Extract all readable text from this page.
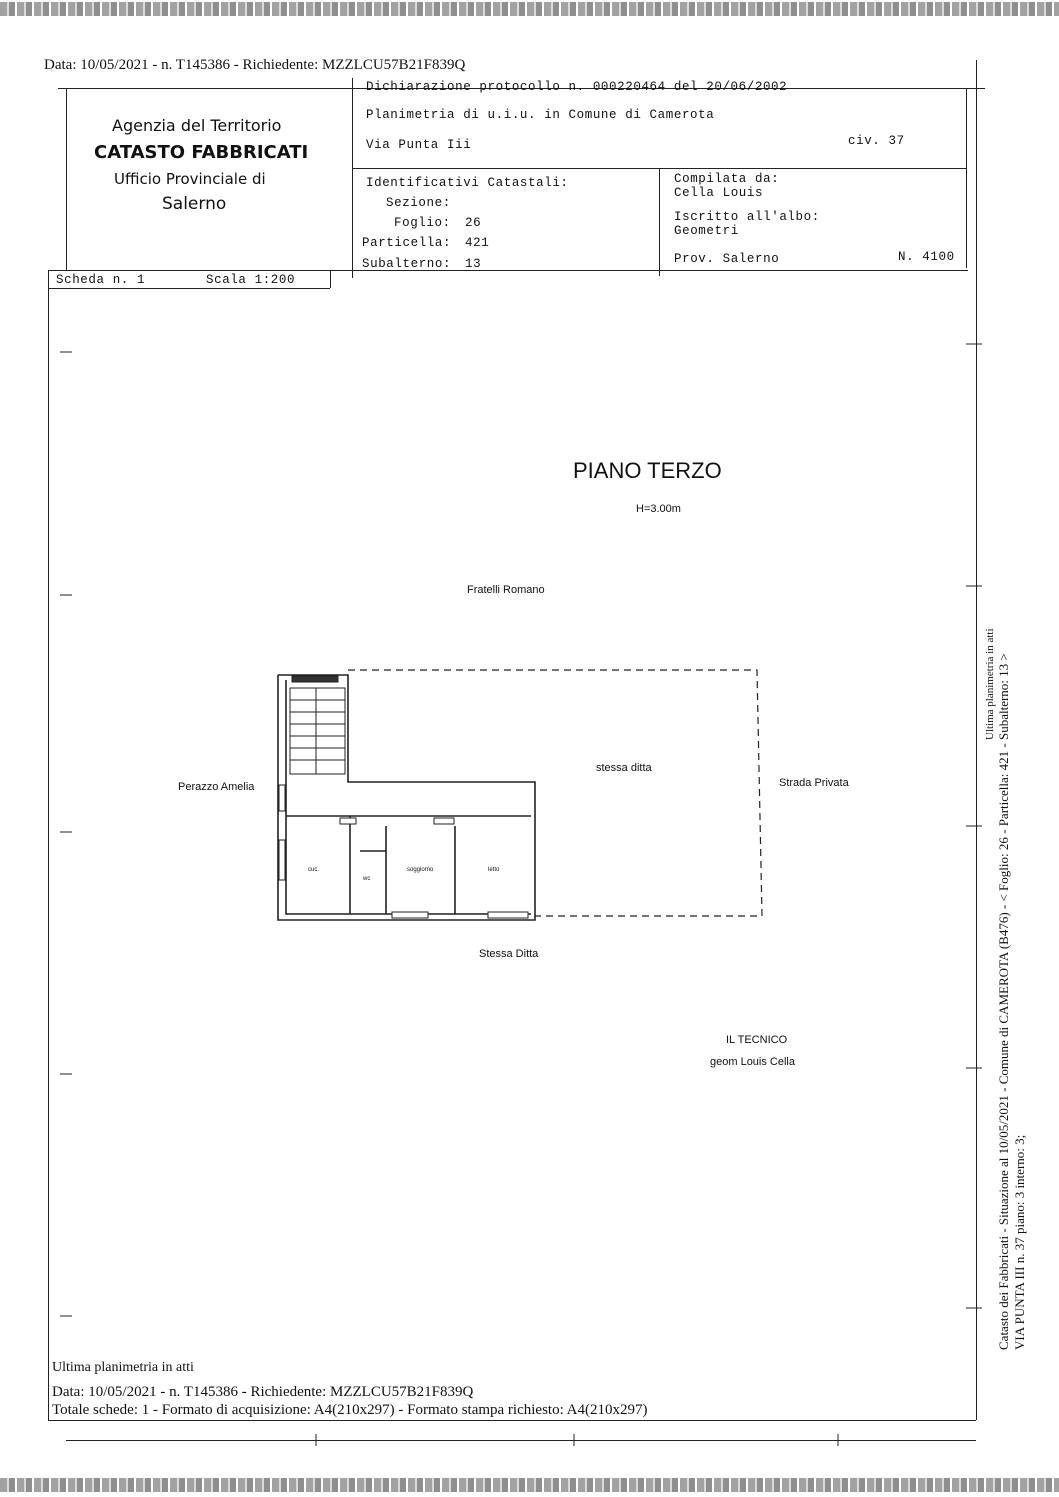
Data: 10/05/2021 - n. T145386 - Richiedente: MZZLCU57B21F839Q
Agenzia del Territorio
CATASTO FABBRICATI
Ufficio Provinciale di
Salerno
Dichiarazione protocollo n. 000220464 del 20/06/2002
Planimetria di u.i.u. in Comune di Camerota
Via Punta Iii	civ. 37
Identificativi Catastali:
Sezione:
Foglio: 26
Particella: 421
Subalterno: 13
Compilata da:
Cella Louis
Iscritto all'albo:
Geometri
Prov. Salerno	N. 4100
Scheda n. 1	Scala 1:200
PIANO TERZO
H=3.00m
Fratelli Romano
Perazzo Amelia	Strada Privata
Stessa Ditta
stessa ditta
cuc.
wc
soggiorno	letto
IL TECNICO
geom Louis Cella	Catasto dei Fabbricati - Situazione al 10/05/2021 - Comune di CAMEROTA (B476) - < Foglio: 26 - Particella: 421 - Subalterno: 13 > VIA PUNTA III n. 37 piano: 3 interno: 3;
Ultima planimetria in atti
Ultima planimetria in atti
Data: 10/05/2021 - n. T145386 - Richiedente: MZZLCU57B21F839Q
Totale schede: 1 - Formato di acquisizione: A4(210x297) - Formato stampa richiesto: A4(210x297)
